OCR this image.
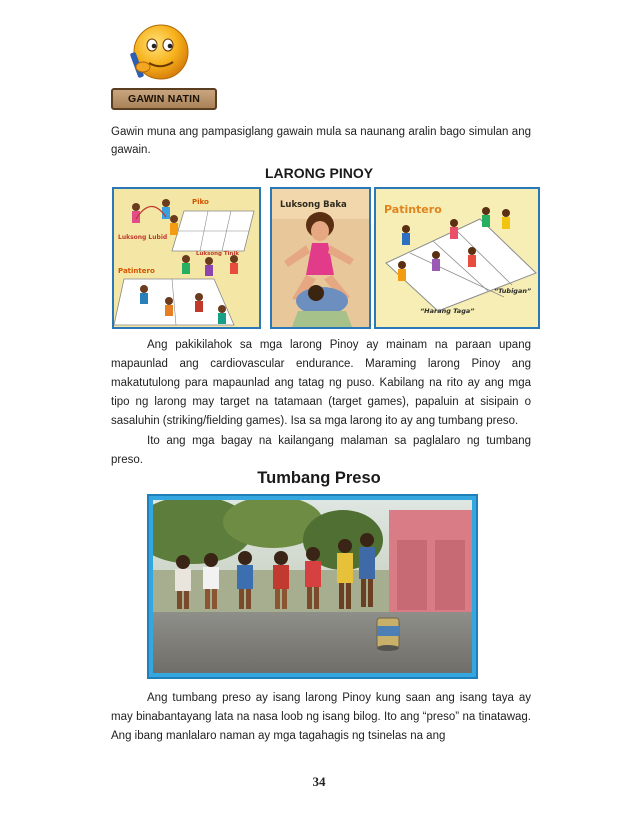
GAWIN NATIN
Gawin muna ang pampasiglang gawain mula sa naunang aralin bago simulan ang gawain.
LARONG PINOY
Piko
Luksong Lubid
Patintero
Luksong Tinik
Luksong Baka	Patintero
“Harang Taga”
“Tubigan”
Ang pakikilahok sa mga larong Pinoy ay mainam na paraan upang mapaunlad ang cardiovascular endurance. Maraming larong Pinoy ang makatutulong para mapaunlad ang tatag ng puso. Kabilang na rito ay ang mga tipo ng larong may target na tatamaan (target games), papaluin at sisipain o sasaluhin (striking/fielding games). Isa sa mga larong ito ay ang tumbang preso.
Ito ang mga bagay na kailangang malaman sa paglalaro ng tumbang preso.
Tumbang Preso
Ang tumbang preso ay isang larong Pinoy kung saan ang isang taya ay may binabantayang lata na nasa loob ng isang bilog. Ito ang “preso” na tinatawag. Ang ibang manlalaro naman ay mga tagahagis ng tsinelas na ang
34
